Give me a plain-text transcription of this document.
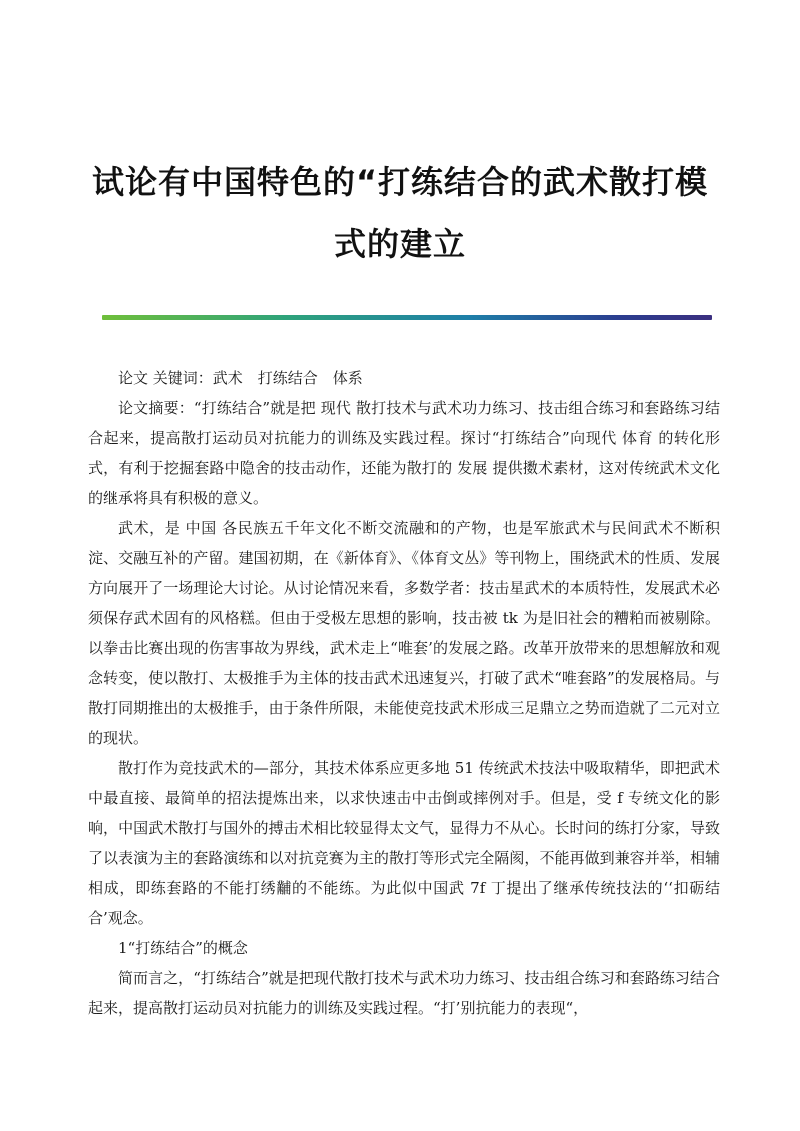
试论有中国特色的“打练结合的武术散打模
式的建立

论文 关键词：武术　打练结合　体系

论文摘要：“打练结合”就是把 现代 散打技术与武术功力练习、技击组合练习和套路练习结合起来，提高散打运动员对抗能力的训练及实践过程。探讨“打练结合”向现代 体育 的转化形式，有利于挖掘套路中隐舍的技击动作，还能为散打的 发展 提供擞术素材，这对传统武术文化的继承将具有积极的意义。

武术，是 中国 各民族五千年文化不断交流融和的产物，也是军旅武术与民间武术不断积淀、交融互补的产留。建国初期，在《新体育》、《体育文丛》等刊物上，围绕武术的性质、发展方向展开了一场理论大讨论。从讨论情况来看，多数学者：技击星武术的本质特性，发展武术必须保存武术固有的风格糕。但由于受极左思想的影响，技击被 tk 为是旧社会的糟粕而被剔除。以拳击比赛出现的伤害事故为界线，武术走上“唯套’的发展之路。改革开放带来的思想解放和观念转变，使以散打、太极推手为主体的技击武术迅速复兴，打破了武术“唯套路”的发展格局。与散打同期推出的太极推手，由于条件所限，未能使竞技武术形成三足鼎立之势而造就了二元对立的现状。

散打作为竞技武术的—部分，其技术体系应更多地 51 传统武术技法中吸取精华，即把武术中最直接、最简单的招法提炼出来，以求快速击中击倒或摔例对手。但是，受 f 专统文化的影响，中国武术散打与国外的搏击术相比较显得太文气，显得力不从心。长时问的练打分家，导致了以表演为主的套路演练和以对抗竞赛为主的散打等形式完全隔阂，不能再做到兼容并举，相辅相成，即练套路的不能打绣黼的不能练。为此似中国武 7f 丁提出了继承传统技法的‘‘扣砺结合’观念。

1“打练结合”的概念

简而言之，“打练结合”就是把现代散打技术与武术功力练习、技击组合练习和套路练习结合起来，提高散打运动员对抗能力的训练及实践过程。“打’别抗能力的表现“，
